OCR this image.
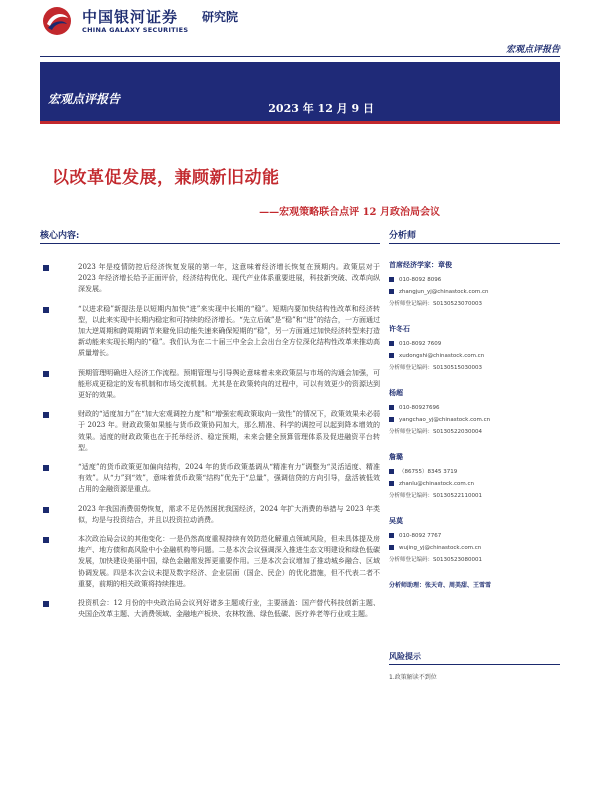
中国银河证券 研究院
CHINA GALAXY SECURITIES
宏观点评报告
宏观点评报告
2023 年 12 月 9 日
以改革促发展，兼顾新旧动能
——宏观策略联合点评 12 月政治局会议
核心内容:
2023 年是疫情防控后经济恢复发展的第一年，这意味着经济增长恢复在预期内。政策层对于 2023 年经济增长给予正面评价，经济结构优化、现代产业体系重要进展，科技新突破、改革向纵深发展。
“以进求稳”新提法是以短期内加快“进”来实现中长期的“稳”。短期内要加快结构性改革和经济转型，以此来实现中长期内稳定和可持续的经济增长。“先立后破”是“稳”和“进”的结合，一方面通过加大逆周期和跨周期调节来避免旧动能失速来确保短期的“稳”，另一方面通过加快经济转型来打造新动能来实现长期内的“稳”。我们认为在二十届三中全会上会出台全方位深化结构性改革来推动高质量增长。
预期管理明确进入经济工作流程。预期管理与引导舆论意味着未来政策层与市场的沟通会加强，可能形成更稳定的发布机制和市场交流机制。尤其是在政策转向的过程中，可以有效更少的资源达到更好的效果。
财政的“适度加力”在“加大宏观调控力度”和“增强宏观政策取向一致性”的情况下，政策效果未必弱于 2023 年。财政政策如果能与货币政策协同加大，那么精准、科学的调控可以起到降本增效的效果。适度的财政政策也在于托举经济、稳定预期，未来会健全预算管理体系及促进融资平台转型。
“适度”的货币政策更加偏向结构，2024 年的货币政策基调从“精准有力”调整为“灵活适度、精准有效”。从“力”到“效”，意味着货币政策“结构”优先于“总量”，强调信贷的方向引导，盘活被低效占用的金融资源是重点。
2023 年我国消费弱势恢复，需求不足仍然困扰我国经济，2024 年扩大消费的举措与 2023 年类似，均是与投资结合，并且以投资拉动消费。
本次政治局会议的其他变化：一是仍然高度重视持续有效防范化解重点领域风险，但未具体提及房地产、地方债和高风险中小金融机构等问题。二是本次会议强调深入推进生态文明建设和绿色低碳发展，加快建设美丽中国，绿色金融需发挥更重要作用。三是本次会议增加了推动城乡融合、区域协调发展。四是本次会议未提及数字经济、企业层面（国企、民企）的优化措施，但不代表二者不重要，前期的相关政策将持续推进。
投资机会：12 月份的中央政治局会议列好诸多主题或行业，主要涵盖：国产替代科技创新主题、央国企改革主题、大消费领域、金融地产板块、农林牧渔、绿色低碳、医疗养老等行业或主题。
分析师
首席经济学家：章俊
010-8092 8096
zhangjun_yj@chinastock.com.cn
分析师登记编码：S0130523070003
许冬石
010-8092 7609
xudongshi@chinastock.com.cn
分析师登记编码：S0130515030003
杨超
010-80927696
yangchao_yj@chinastock.com.cn
分析师登记编码：S0130522030004
詹璐
（86755）8345 3719
zhanlu@chinastock.com.cn
分析师登记编码：S0130522110001
吴莫
010-8092 7767
wujing_yj@chinastock.com.cn
分析师登记编码：S0130523080001
分析师助理：张天奇、周美甜、王雪雪
风险提示
1.政策解读不到位
